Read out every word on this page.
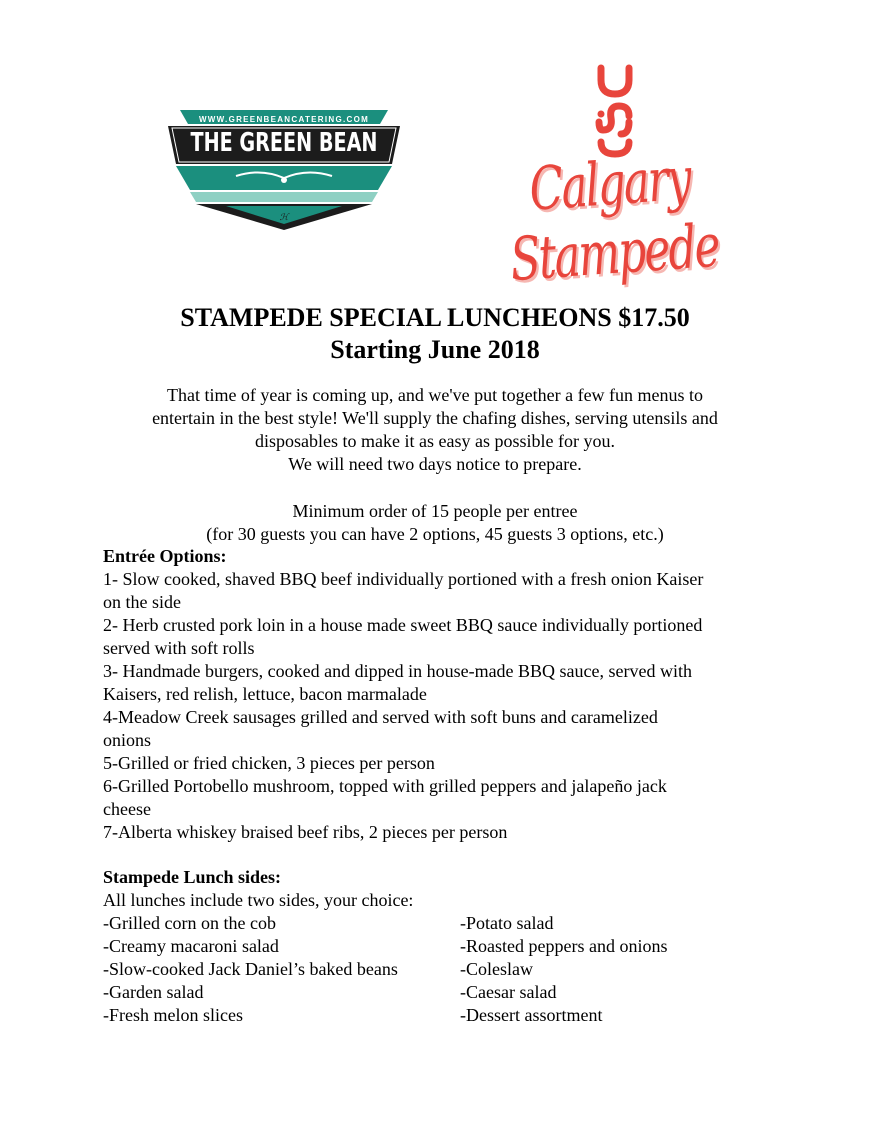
ℋ
WWW.GREENBEANCATERING.COM
THE GREEN BEAN
Calgary Stampede
STAMPEDE SPECIAL LUNCHEONS $17.50
Starting June 2018
That time of year is coming up, and we've put together a few fun menus to
entertain in the best style! We'll supply the chafing dishes, serving utensils and
disposables to make it as easy as possible for you.
We will need two days notice to prepare.
Minimum order of 15 people per entree
(for 30 guests you can have 2 options, 45 guests 3 options, etc.)
Entrée Options:
1- Slow cooked, shaved BBQ beef individually portioned with a fresh onion Kaiser
on the side
2- Herb crusted pork loin in a house made sweet BBQ sauce individually portioned
served with soft rolls
3- Handmade burgers, cooked and dipped in house-made BBQ sauce, served with
Kaisers, red relish, lettuce, bacon marmalade
4-Meadow Creek sausages grilled and served with soft buns and caramelized
onions
5-Grilled or fried chicken, 3 pieces per person
6-Grilled Portobello mushroom, topped with grilled peppers and jalapeño jack
cheese
7-Alberta whiskey braised beef ribs, 2 pieces per person
Stampede Lunch sides:
All lunches include two sides, your choice:
-Grilled corn on the cob
-Creamy macaroni salad
-Slow-cooked Jack Daniel’s baked beans
-Garden salad
-Fresh melon slices
-Potato salad
-Roasted peppers and onions
-Coleslaw
-Caesar salad
-Dessert assortment
